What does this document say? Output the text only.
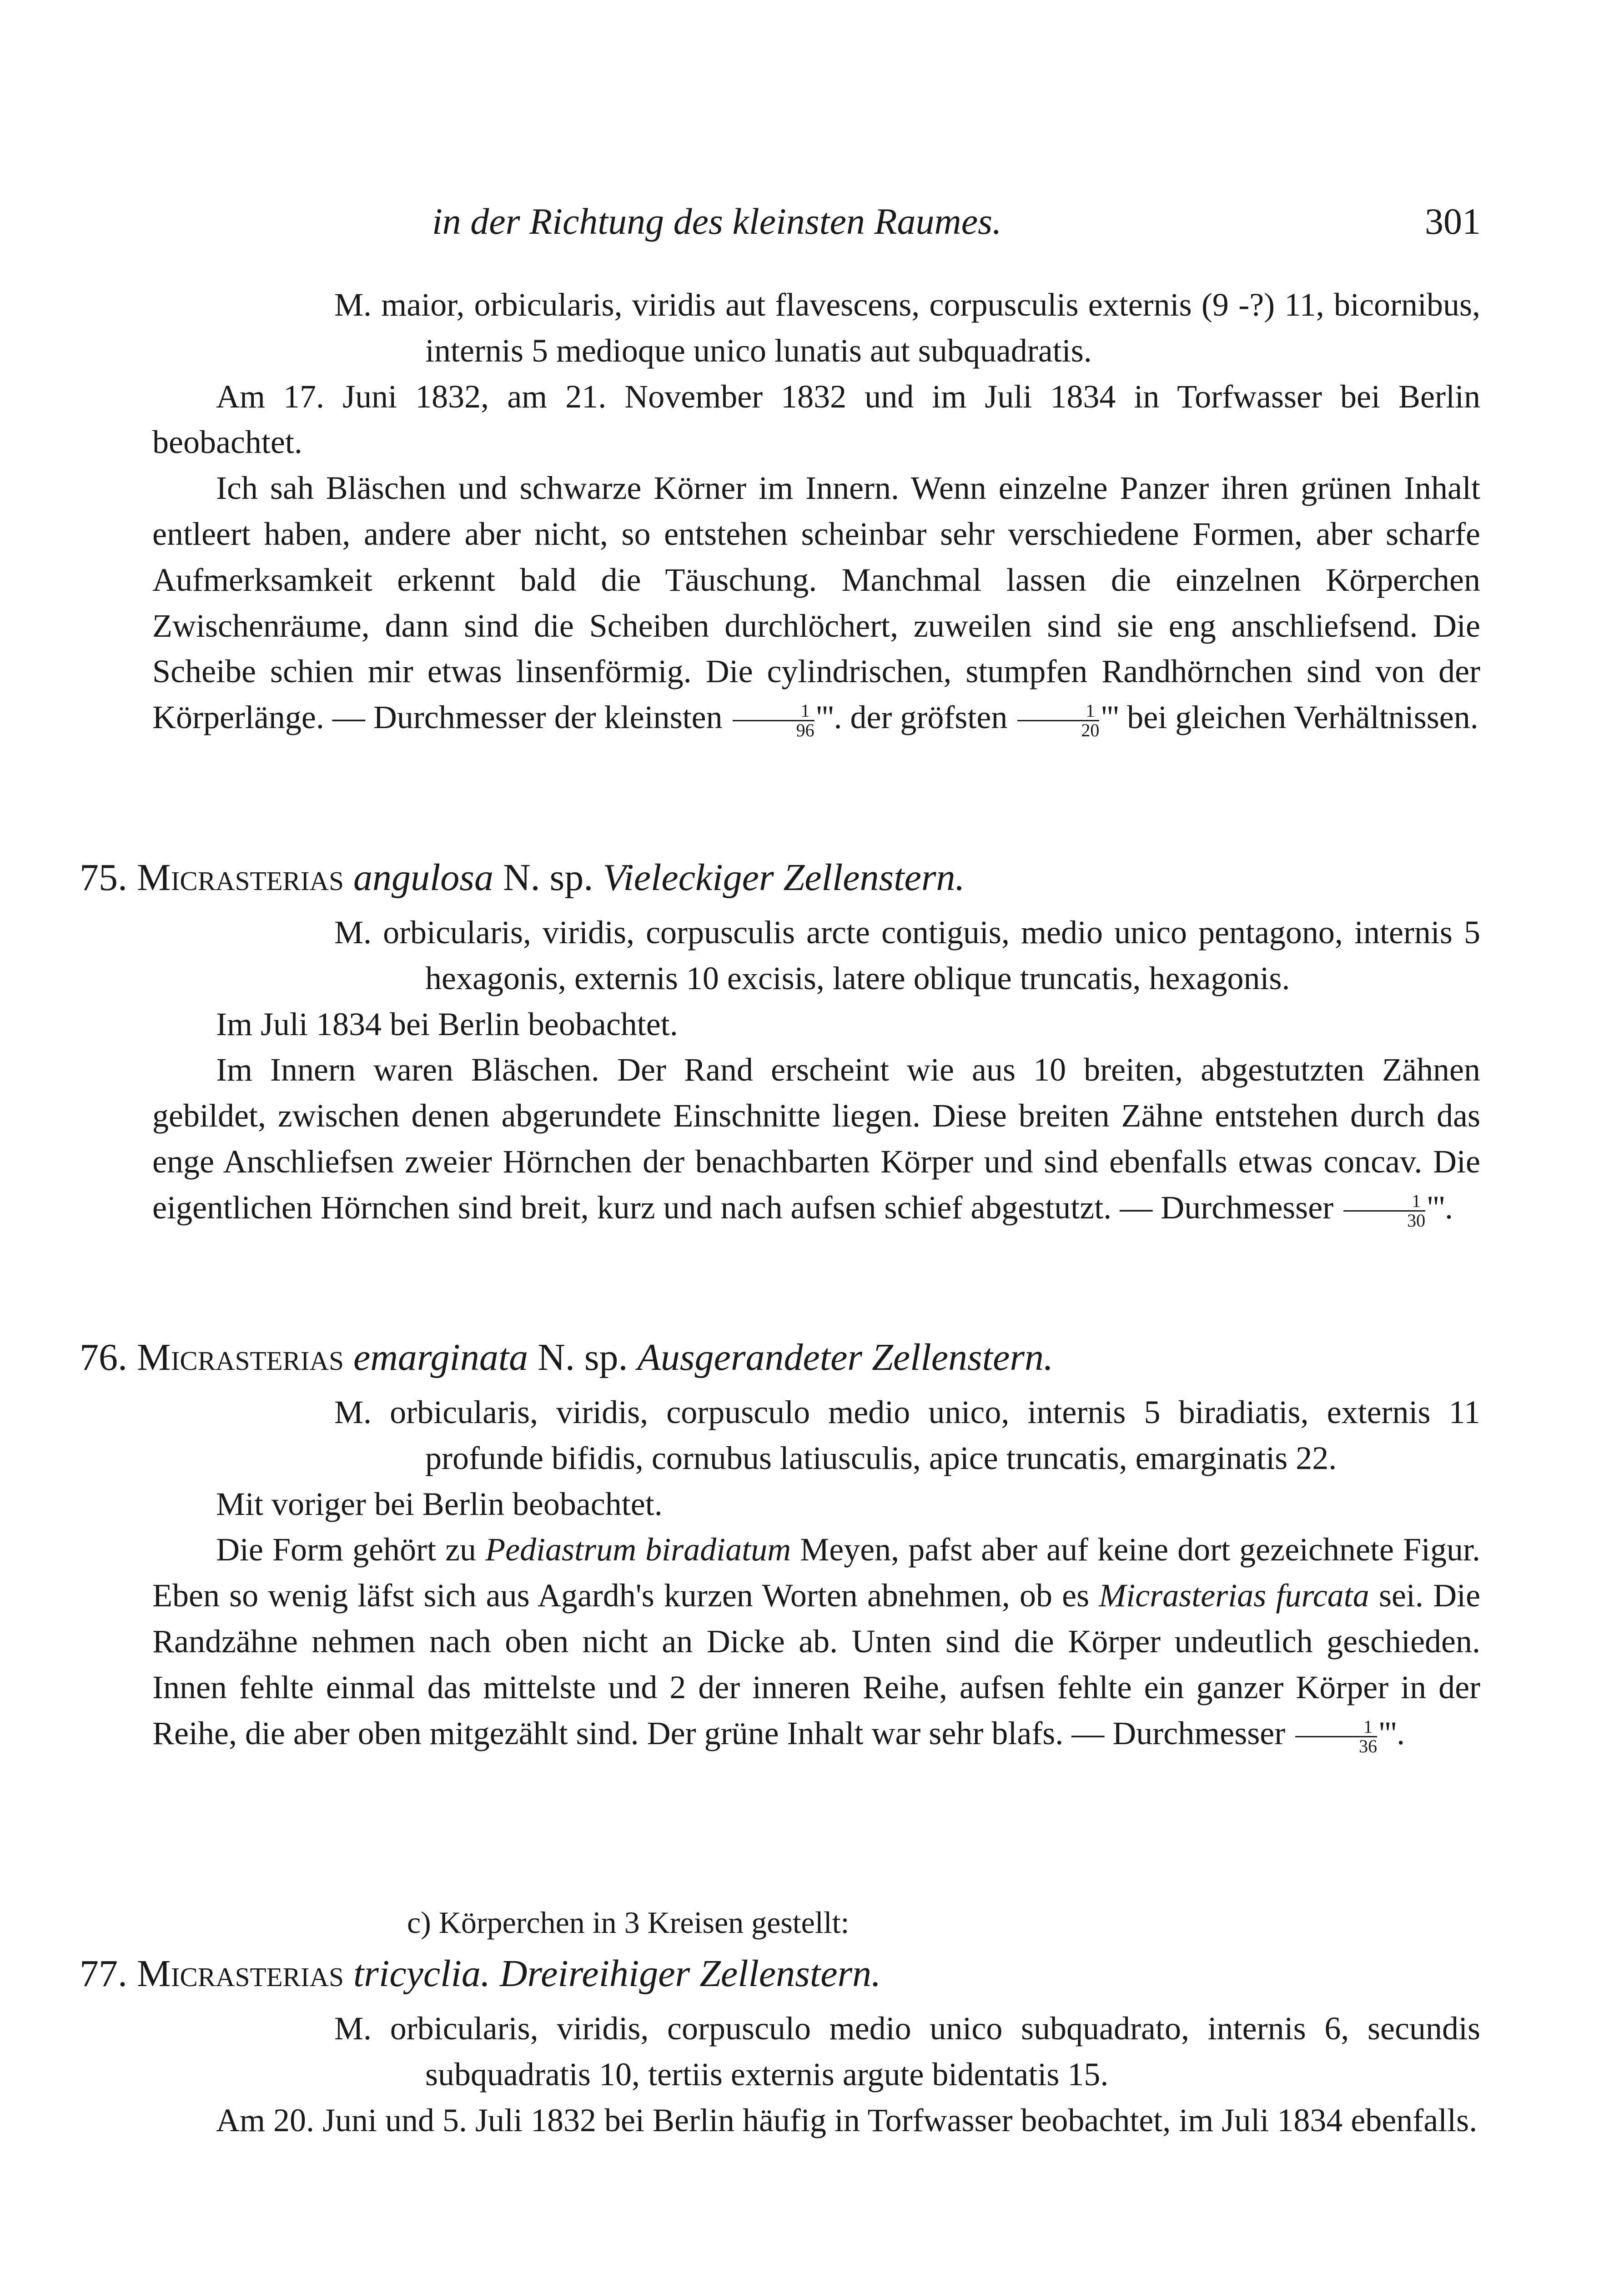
in der Richtung des kleinsten Raumes.	301

M. maior, orbicularis, viridis aut flavescens, corpusculis externis (9 -?) 11, bicornibus, internis 5 medioque unico lunatis aut subquadratis.

Am 17. Juni 1832, am 21. November 1832 und im Juli 1834 in Torfwasser bei Berlin beobachtet.

Ich sah Bläschen und schwarze Körner im Innern. Wenn einzelne Panzer ihren grünen Inhalt entleert haben, andere aber nicht, so entstehen scheinbar sehr verschiedene Formen, aber scharfe Aufmerksamkeit erkennt bald die Täuschung. Manchmal lassen die einzelnen Körperchen Zwischenräume, dann sind die Scheiben durchlöchert, zuweilen sind sie eng anschliefsend. Die Scheibe schien mir etwas linsenförmig. Die cylindrischen, stumpfen Randhörnchen sind von der Körperlänge. — Durchmesser der kleinsten $\frac{1}{96}$ '''. der gröfsten $\frac{1}{20}$ ''' bei gleichen Verhältnissen.

75. Micrasterias angulosa N. sp. Vieleckiger Zellenstern.

M. orbicularis, viridis, corpusculis arcte contiguis, medio unico pentagono, internis 5 hexagonis, externis 10 excisis, latere oblique truncatis, hexagonis.

Im Juli 1834 bei Berlin beobachtet.

Im Innern waren Bläschen. Der Rand erscheint wie aus 10 breiten, abgestutzten Zähnen gebildet, zwischen denen abgerundete Einschnitte liegen. Diese breiten Zähne entstehen durch das enge Anschliefsen zweier Hörnchen der benachbarten Körper und sind ebenfalls etwas concav. Die eigentlichen Hörnchen sind breit, kurz und nach aufsen schief abgestutzt. — Durchmesser $\frac{1}{30}$ '''.

76. Micrasterias emarginata N. sp. Ausgerandeter Zellenstern.

M. orbicularis, viridis, corpusculo medio unico, internis 5 biradiatis, externis 11 profunde bifidis, cornubus latiusculis, apice truncatis, emarginatis 22.

Mit voriger bei Berlin beobachtet.

Die Form gehört zu Pediastrum biradiatum Meyen, pafst aber auf keine dort gezeichnete Figur. Eben so wenig läfst sich aus Agardh's kurzen Worten abnehmen, ob es Micrasterias furcata sei. Die Randzähne nehmen nach oben nicht an Dicke ab. Unten sind die Körper undeutlich geschieden. Innen fehlte einmal das mittelste und 2 der inneren Reihe, aufsen fehlte ein ganzer Körper in der Reihe, die aber oben mitgezählt sind. Der grüne Inhalt war sehr blafs. — Durchmesser $\frac{1}{36}$ '''.

c) Körperchen in 3 Kreisen gestellt:

77. Micrasterias tricyclia. Dreireihiger Zellenstern.

M. orbicularis, viridis, corpusculo medio unico subquadrato, internis 6, secundis subquadratis 10, tertiis externis argute bidentatis 15.

Am 20. Juni und 5. Juli 1832 bei Berlin häufig in Torfwasser beobachtet, im Juli 1834 ebenfalls.
